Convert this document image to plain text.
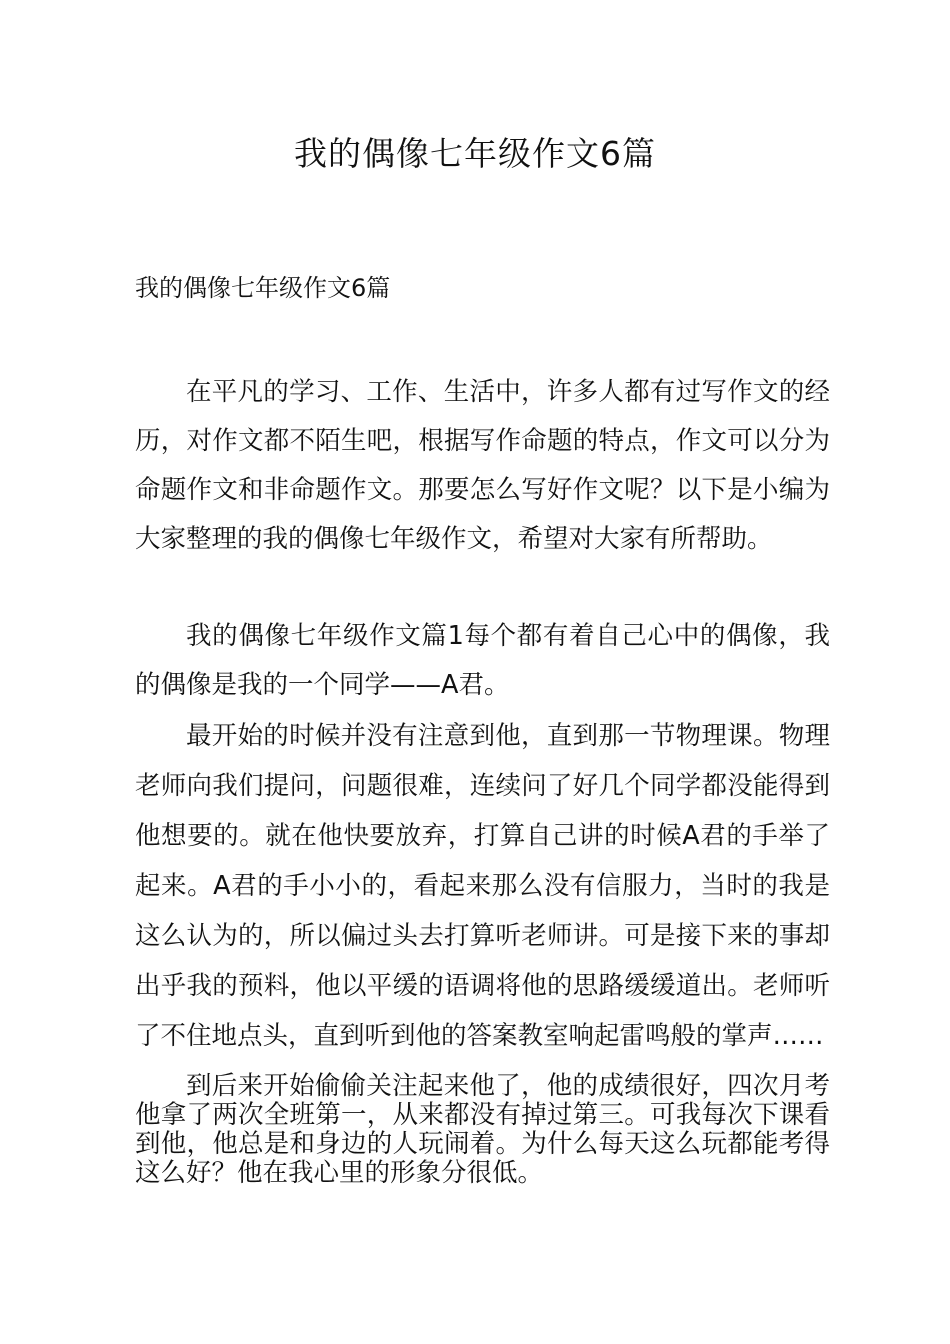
我的偶像七年级作文6篇
我的偶像七年级作文6篇

在平凡的学习、工作、生活中，许多人都有过写作文的经历，对作文都不陌生吧，根据写作命题的特点，作文可以分为命题作文和非命题作文。那要怎么写好作文呢？以下是小编为大家整理的我的偶像七年级作文，希望对大家有所帮助。

我的偶像七年级作文篇1每个都有着自己心中的偶像，我的偶像是我的一个同学——A君。

最开始的时候并没有注意到他，直到那一节物理课。物理老师向我们提问，问题很难，连续问了好几个同学都没能得到他想要的。就在他快要放弃，打算自己讲的时候A君的手举了起来。A君的手小小的，看起来那么没有信服力，当时的我是这么认为的，所以偏过头去打算听老师讲。可是接下来的事却出乎我的预料，他以平缓的语调将他的思路缓缓道出。老师听了不住地点头，直到听到他的答案教室响起雷鸣般的掌声……

到后来开始偷偷关注起来他了，他的成绩很好，四次月考他拿了两次全班第一，从来都没有掉过第三。可我每次下课看到他，他总是和身边的人玩闹着。为什么每天这么玩都能考得这么好？他在我心里的形象分很低。
